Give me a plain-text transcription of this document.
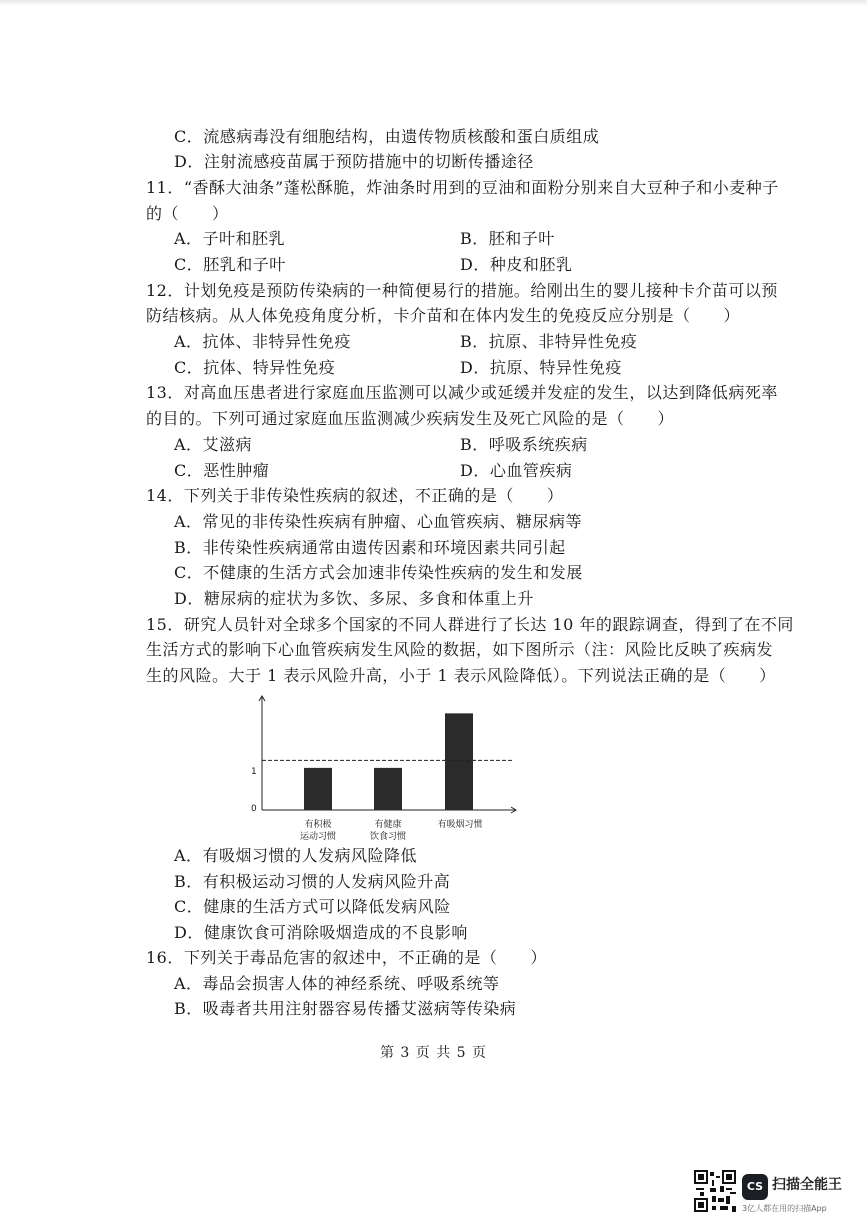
C．流感病毒没有细胞结构，由遗传物质核酸和蛋白质组成
D．注射流感疫苗属于预防措施中的切断传播途径
11．“香酥大油条”蓬松酥脆，炸油条时用到的豆油和面粉分别来自大豆种子和小麦种子
的（　　）
A．子叶和胚乳	B．胚和子叶
C．胚乳和子叶	D．种皮和胚乳
12．计划免疫是预防传染病的一种简便易行的措施。给刚出生的婴儿接种卡介苗可以预
防结核病。从人体免疫角度分析，卡介苗和在体内发生的免疫反应分别是（　　）
A．抗体、非特异性免疫	B．抗原、非特异性免疫
C．抗体、特异性免疫	D．抗原、特异性免疫
13．对高血压患者进行家庭血压监测可以减少或延缓并发症的发生，以达到降低病死率
的目的。下列可通过家庭血压监测减少疾病发生及死亡风险的是（　　）
A．艾滋病	B．呼吸系统疾病
C．恶性肿瘤	D．心血管疾病
14．下列关于非传染性疾病的叙述，不正确的是（　　）
A．常见的非传染性疾病有肿瘤、心血管疾病、糖尿病等
B．非传染性疾病通常由遗传因素和环境因素共同引起
C．不健康的生活方式会加速非传染性疾病的发生和发展
D．糖尿病的症状为多饮、多尿、多食和体重上升
15．研究人员针对全球多个国家的不同人群进行了长达 10 年的跟踪调查，得到了在不同
生活方式的影响下心血管疾病发生风险的数据，如下图所示（注：风险比反映了疾病发
生的风险。大于 1 表示风险升高，小于 1 表示风险降低）。下列说法正确的是（　　）
1
0
有积极
运动习惯
有健康
饮食习惯
有吸烟习惯
A．有吸烟习惯的人发病风险降低
B．有积极运动习惯的人发病风险升高
C．健康的生活方式可以降低发病风险
D．健康饮食可消除吸烟造成的不良影响
16．下列关于毒品危害的叙述中，不正确的是（　　）
A．毒品会损害人体的神经系统、呼吸系统等
B．吸毒者共用注射器容易传播艾滋病等传染病
第 3 页 共 5 页
CS 扫描全能王
3亿人都在用的扫描App
